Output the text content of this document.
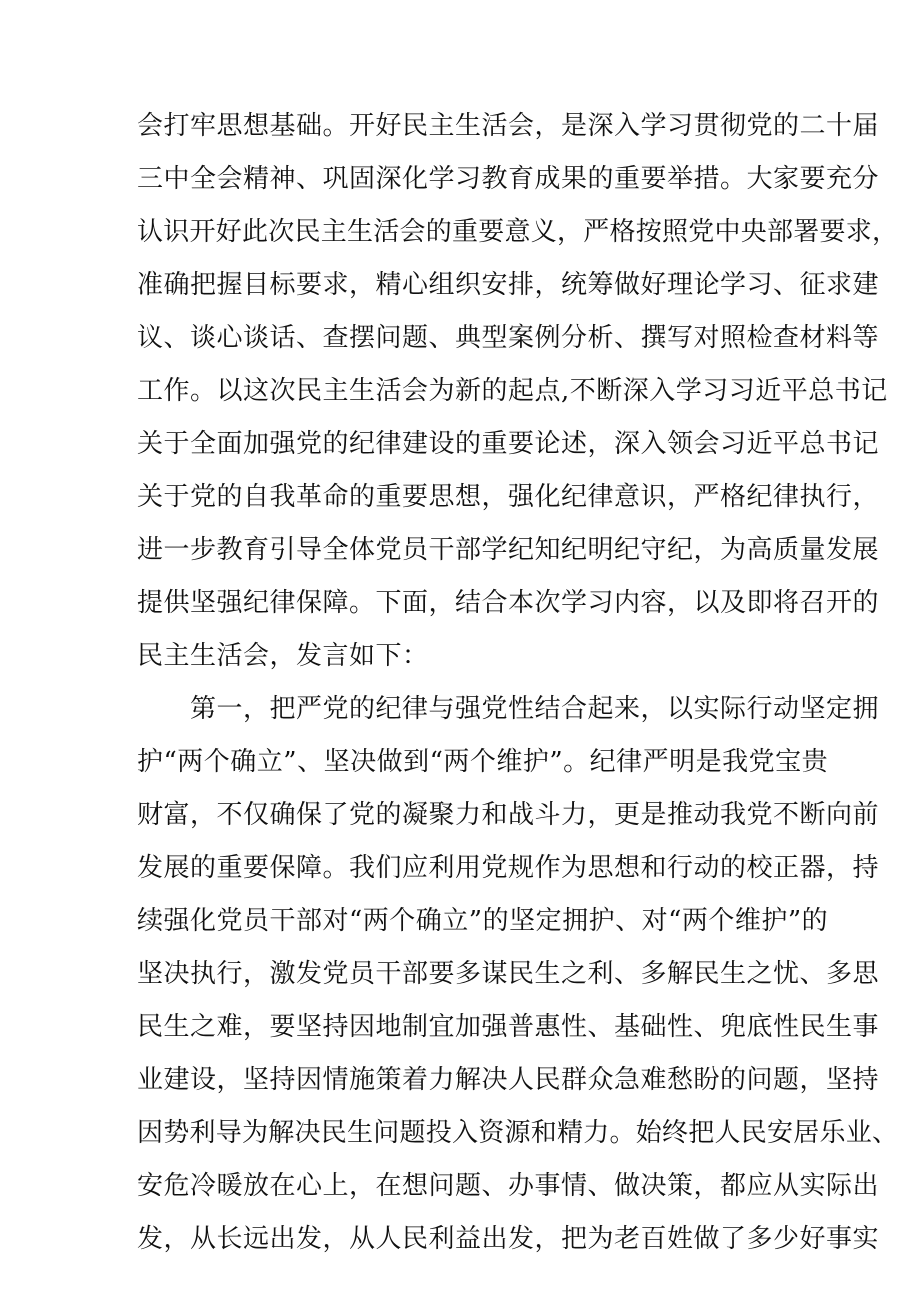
会打牢思想基础。开好民主生活会，是深入学习贯彻党的二十届
三中全会精神、巩固深化学习教育成果的重要举措。大家要充分
认识开好此次民主生活会的重要意义，严格按照党中央部署要求，
准确把握目标要求，精心组织安排，统筹做好理论学习、征求建
议、谈心谈话、查摆问题、典型案例分析、撰写对照检查材料等
工作。以这次民主生活会为新的起点,不断深入学习习近平总书记
关于全面加强党的纪律建设的重要论述，深入领会习近平总书记
关于党的自我革命的重要思想，强化纪律意识，严格纪律执行，
进一步教育引导全体党员干部学纪知纪明纪守纪，为高质量发展
提供坚强纪律保障。下面，结合本次学习内容，以及即将召开的
民主生活会，发言如下：
第一，把严党的纪律与强党性结合起来，以实际行动坚定拥
护“两个确立”、坚决做到“两个维护”。纪律严明是我党宝贵
财富，不仅确保了党的凝聚力和战斗力，更是推动我党不断向前
发展的重要保障。我们应利用党规作为思想和行动的校正器，持
续强化党员干部对“两个确立”的坚定拥护、对“两个维护”的
坚决执行，激发党员干部要多谋民生之利、多解民生之忧、多思
民生之难，要坚持因地制宜加强普惠性、基础性、兜底性民生事
业建设，坚持因情施策着力解决人民群众急难愁盼的问题，坚持
因势利导为解决民生问题投入资源和精力。始终把人民安居乐业、
安危冷暖放在心上，在想问题、办事情、做决策，都应从实际出
发，从长远出发，从人民利益出发，把为老百姓做了多少好事实
